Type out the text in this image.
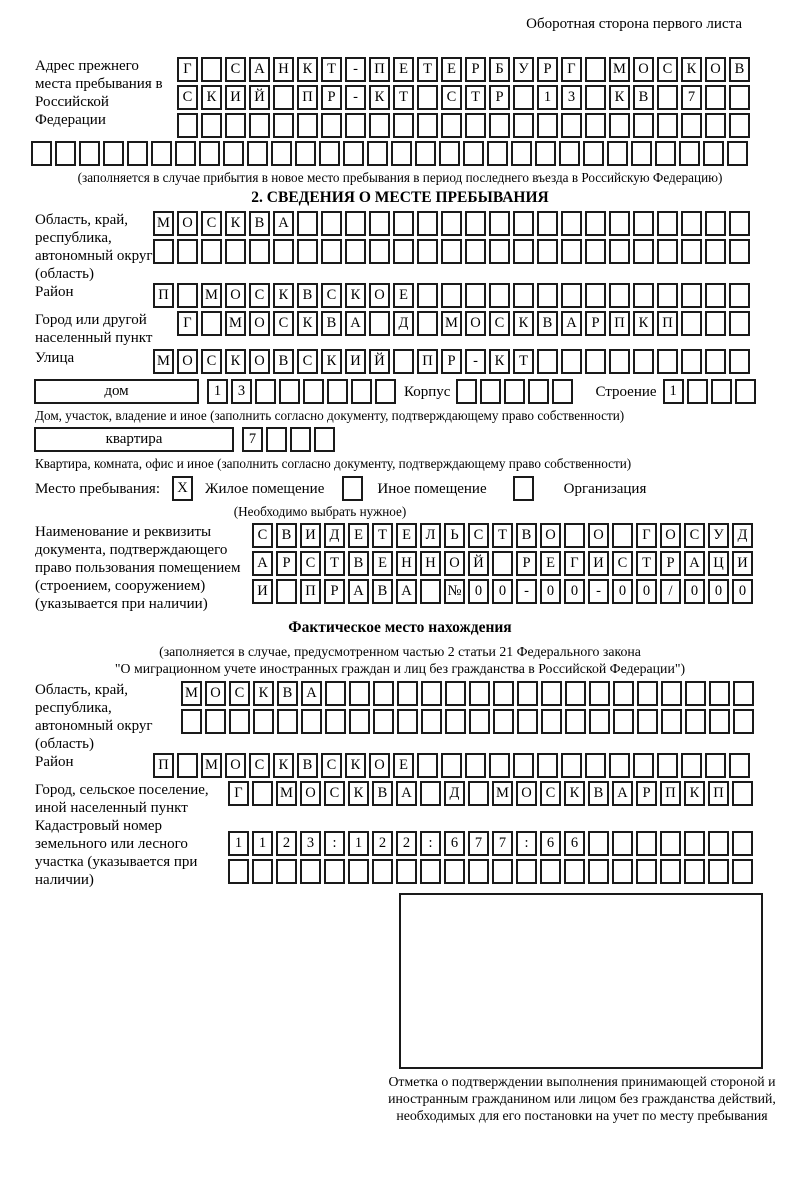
Оборотная сторона первого листа
Адрес прежнего места пребывания в Российской Федерации
Г	С А Н К	Т	-	П Е	Т	Е	Р	Б	У	Р	Г	М О С К О В
С К И Й	П	Р	-	К	Т	С	Т	Р	1	3	К В	7
(заполняется в случае прибытия в новое место пребывания в период последнего въезда в Российскую Федерацию)
2. СВЕДЕНИЯ О МЕСТЕ ПРЕБЫВАНИЯ
Область, край, республика, автономный округ (область)
М О С К В А
Район	П	М О С К В С К О Е
Город или другой населенный пункт
Г	М О С К В А	Д	М О С К В А	Р	П К П
Улица	М О С К О В С К И Й	П	Р	-	К	Т
дом	1	3	Корпус	Строение 1
Дом, участок, владение и иное (заполнить согласно документу, подтверждающему право собственности)
квартира	7
Квартира, комната, офис и иное (заполнить согласно документу, подтверждающему право собственности)
Место пребывания:	X	Жилое помещение	Иное помещение	Организация
(Необходимо выбрать нужное)
Наименование и реквизиты документа, подтверждающего право пользования помещением (строением, сооружением) (указывается при наличии)
С В И Д	Е	Т	Е	Л	Ь	С	Т	В О	О	Г	О С У Д
А	Р	С	Т	В	Е Н Н О Й	Р	Е	Г	И С	Т	Р	А Ц И
И	П	Р	А В А	№ 0	0	-	0	0	-	0	0	/	0	0	0
Фактическое место нахождения
(заполняется в случае, предусмотренном частью 2 статьи 21 Федерального закона
"О миграционном учете иностранных граждан и лиц без гражданства в Российской Федерации")
Область, край, республика, автономный округ (область)
М О С К В А
Район	П	М О С К В С К О Е
Город, сельское поселение, иной населенный пункт
Г	М О С К В А	Д	М О С К В А	Р	П К П
Кадастровый номер земельного или лесного участка (указывается при наличии)
1	1	2	3	:	1	2	2	:	6	7	7	:	6	6
Отметка о подтверждении выполнения принимающей стороной и иностранным гражданином или лицом без гражданства действий, необходимых для его постановки на учет по месту пребывания
